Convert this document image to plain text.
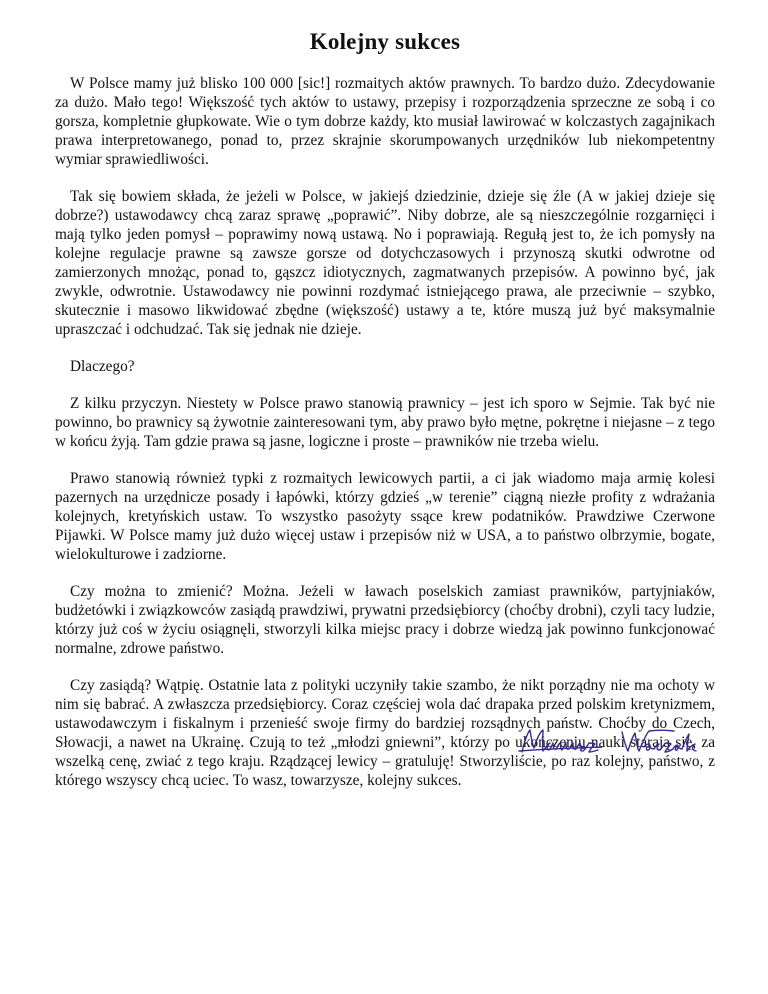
Kolejny sukces

W Polsce mamy już blisko 100 000 [sic!] rozmaitych aktów prawnych. To bardzo dużo. Zdecydowanie za dużo. Mało tego! Większość tych aktów to ustawy, przepisy i rozporządzenia sprzeczne ze sobą i co gorsza, kompletnie głupkowate. Wie o tym dobrze każdy, kto musiał lawirować w kolczastych zagajnikach prawa interpretowanego, ponad to, przez skrajnie skorumpowanych urzędników lub niekompetentny wymiar sprawiedliwości.

Tak się bowiem składa, że jeżeli w Polsce, w jakiejś dziedzinie, dzieje się źle (A w jakiej dzieje się dobrze?) ustawodawcy chcą zaraz sprawę „poprawić”. Niby dobrze, ale są nieszczególnie rozgarnięci i mają tylko jeden pomysł – poprawimy nową ustawą. No i poprawiają. Regułą jest to, że ich pomysły na kolejne regulacje prawne są zawsze gorsze od dotychczasowych i przynoszą skutki odwrotne od zamierzonych mnożąc, ponad to, gąszcz idiotycznych, zagmatwanych przepisów. A powinno być, jak zwykle, odwrotnie. Ustawodawcy nie powinni rozdymać istniejącego prawa, ale przeciwnie – szybko, skutecznie i masowo likwidować zbędne (większość) ustawy a te, które muszą już być maksymalnie upraszczać i odchudzać. Tak się jednak nie dzieje.

Dlaczego?

Z kilku przyczyn. Niestety w Polsce prawo stanowią prawnicy – jest ich sporo w Sejmie. Tak być nie powinno, bo prawnicy są żywotnie zainteresowani tym, aby prawo było mętne, pokrętne i niejasne – z tego w końcu żyją. Tam gdzie prawa są jasne, logiczne i proste – prawników nie trzeba wielu.

Prawo stanowią również typki z rozmaitych lewicowych partii, a ci jak wiadomo maja armię kolesi pazernych na urzędnicze posady i łapówki, którzy gdzieś „w terenie” ciągną niezłe profity z wdrażania kolejnych, kretyńskich ustaw. To wszystko pasożyty ssące krew podatników. Prawdziwe Czerwone Pijawki. W Polsce mamy już dużo więcej ustaw i przepisów niż w USA, a to państwo olbrzymie, bogate, wielokulturowe i zadziorne.

Czy można to zmienić? Można. Jeżeli w ławach poselskich zamiast prawników, partyjniaków, budżetówki i związkowców zasiądą prawdziwi, prywatni przedsiębiorcy (choćby drobni), czyli tacy ludzie, którzy już coś w życiu osiągnęli, stworzyli kilka miejsc pracy i dobrze wiedzą jak powinno funkcjonować normalne, zdrowe państwo.

Czy zasiądą? Wątpię. Ostatnie lata z polityki uczyniły takie szambo, że nikt porządny nie ma ochoty w nim się babrać. A zwłaszcza przedsiębiorcy. Coraz częściej wola dać drapaka przed polskim kretynizmem, ustawodawczym i fiskalnym i przenieść swoje firmy do bardziej rozsądnych państw. Choćby do Czech, Słowacji, a nawet na Ukrainę. Czują to też „młodzi gniewni”, którzy po ukończeniu nauki starają się, za wszelką cenę, zwiać z tego kraju. Rządzącej lewicy – gratuluję! Stworzyliście, po raz kolejny, państwo, z którego wszyscy chcą uciec. To wasz, towarzysze, kolejny sukces.
